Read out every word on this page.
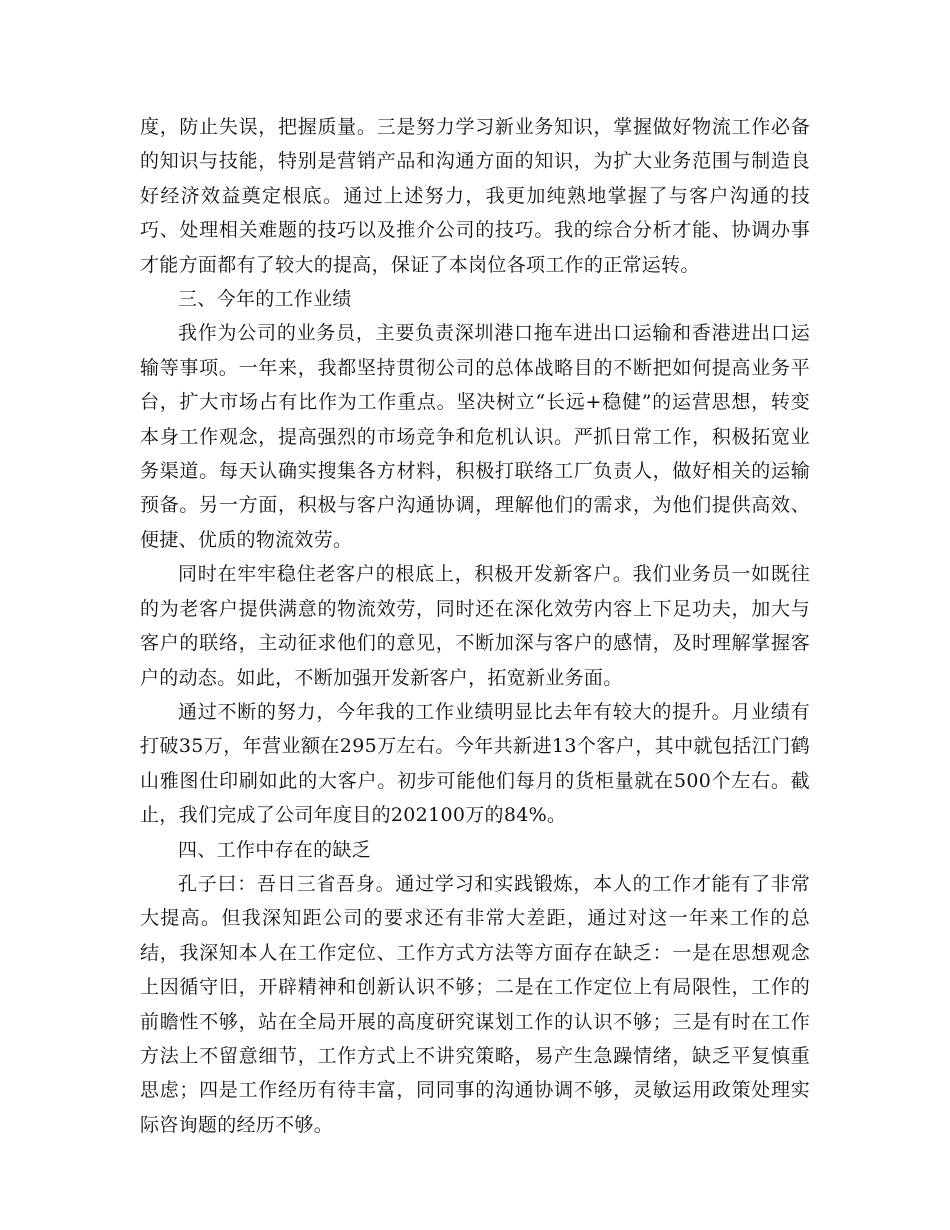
度，防止失误，把握质量。三是努力学习新业务知识，掌握做好物流工作必备的知识与技能，特别是营销产品和沟通方面的知识，为扩大业务范围与制造良好经济效益奠定根底。通过上述努力，我更加纯熟地掌握了与客户沟通的技巧、处理相关难题的技巧以及推介公司的技巧。我的综合分析才能、协调办事才能方面都有了较大的提高，保证了本岗位各项工作的正常运转。

三、今年的工作业绩

我作为公司的业务员，主要负责深圳港口拖车进出口运输和香港进出口运输等事项。一年来，我都坚持贯彻公司的总体战略目的不断把如何提高业务平台，扩大市场占有比作为工作重点。坚决树立“长远+稳健”的运营思想，转变本身工作观念，提高强烈的市场竞争和危机认识。严抓日常工作，积极拓宽业务渠道。每天认确实搜集各方材料，积极打联络工厂负责人，做好相关的运输预备。另一方面，积极与客户沟通协调，理解他们的需求，为他们提供高效、便捷、优质的物流效劳。

同时在牢牢稳住老客户的根底上，积极开发新客户。我们业务员一如既往的为老客户提供满意的物流效劳，同时还在深化效劳内容上下足功夫，加大与客户的联络，主动征求他们的意见，不断加深与客户的感情，及时理解掌握客户的动态。如此，不断加强开发新客户，拓宽新业务面。

通过不断的努力，今年我的工作业绩明显比去年有较大的提升。月业绩有打破35万，年营业额在295万左右。今年共新进13个客户，其中就包括江门鹤山雅图仕印刷如此的大客户。初步可能他们每月的货柜量就在500个左右。截止，我们完成了公司年度目的202100万的84%。

四、工作中存在的缺乏

孔子曰：吾日三省吾身。通过学习和实践锻炼，本人的工作才能有了非常大提高。但我深知距公司的要求还有非常大差距，通过对这一年来工作的总结，我深知本人在工作定位、工作方式方法等方面存在缺乏：一是在思想观念上因循守旧，开辟精神和创新认识不够；二是在工作定位上有局限性，工作的前瞻性不够，站在全局开展的高度研究谋划工作的认识不够；三是有时在工作方法上不留意细节，工作方式上不讲究策略，易产生急躁情绪，缺乏平复慎重思虑；四是工作经历有待丰富，同同事的沟通协调不够，灵敏运用政策处理实际咨询题的经历不够。
